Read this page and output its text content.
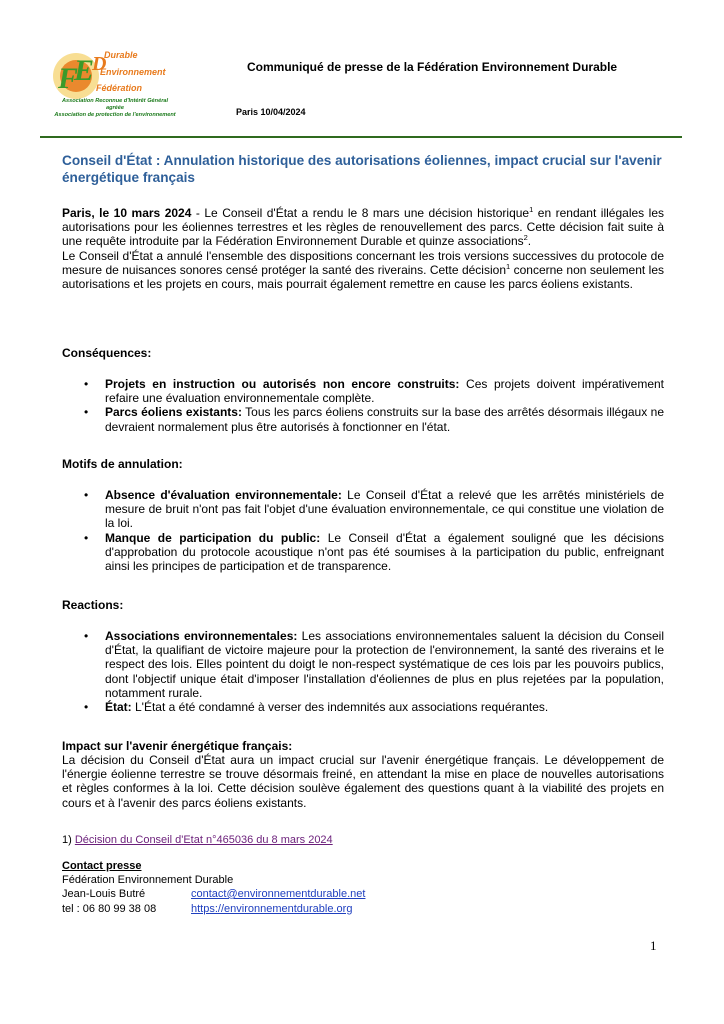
F
E
D
Durable
Environnement
Fédération
Association Reconnue d'Intérêt Général
agréée
Association de protection de l'environnement
Communiqué de presse de la Fédération Environnement Durable
Paris 10/04/2024
Conseil d'État : Annulation historique des autorisations éoliennes, impact crucial sur l'avenir énergétique français
Paris, le 10 mars 2024 - Le Conseil d'État a rendu le 8 mars une décision historique$^1$ en rendant illégales les autorisations pour les éoliennes terrestres et les règles de renouvellement des parcs. Cette décision fait suite à une requête introduite par la Fédération Environnement Durable et quinze associations$^2$.
Le Conseil d'État a annulé l'ensemble des dispositions concernant les trois versions successives du protocole de mesure de nuisances sonores censé protéger la santé des riverains. Cette décision$^1$ concerne non seulement les autorisations et les projets en cours, mais pourrait également remettre en cause les parcs éoliens existants.
Conséquences:
• Projets en instruction ou autorisés non encore construits: Ces projets doivent impérativement refaire une évaluation environnementale complète.
• Parcs éoliens existants: Tous les parcs éoliens construits sur la base des arrêtés désormais illégaux ne devraient normalement plus être autorisés à fonctionner en l'état.
Motifs de annulation:
• Absence d'évaluation environnementale: Le Conseil d'État a relevé que les arrêtés ministériels de mesure de bruit n'ont pas fait l'objet d'une évaluation environnementale, ce qui constitue une violation de la loi.
• Manque de participation du public: Le Conseil d'État a également souligné que les décisions d'approbation du protocole acoustique n'ont pas été soumises à la participation du public, enfreignant ainsi les principes de participation et de transparence.
Reactions:
• Associations environnementales: Les associations environnementales saluent la décision du Conseil d'État, la qualifiant de victoire majeure pour la protection de l'environnement, la santé des riverains et le respect des lois. Elles pointent du doigt le non-respect systématique de ces lois par les pouvoirs publics, dont l'objectif unique était d'imposer l'installation d'éoliennes de plus en plus rejetées par la population, notamment rurale.
• État: L'État a été condamné à verser des indemnités aux associations requérantes.
Impact sur l'avenir énergétique français:
La décision du Conseil d'État aura un impact crucial sur l'avenir énergétique français. Le développement de l'énergie éolienne terrestre se trouve désormais freiné, en attendant la mise en place de nouvelles autorisations et règles conformes à la loi. Cette décision soulève également des questions quant à la viabilité des projets en cours et à l'avenir des parcs éoliens existants.
1) Décision du Conseil d'Etat n°465036 du 8 mars 2024
Contact presse
Fédération Environnement Durable
Jean-Louis Butré	contact@environnementdurable.net
tel : 06 80 99 38 08	https://environnementdurable.org
1
